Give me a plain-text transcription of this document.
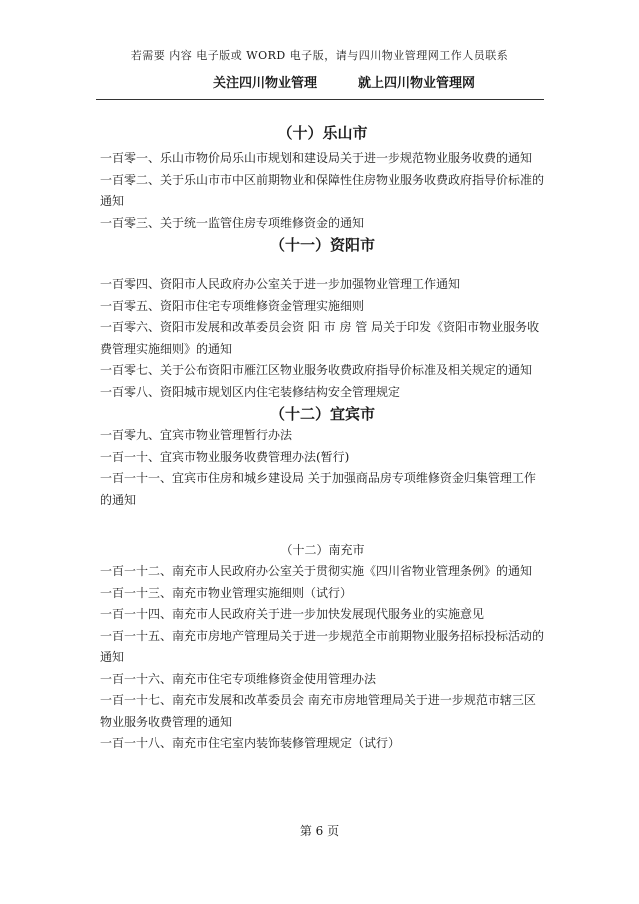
若需要 内容 电子版或 WORD 电子版，请与四川物业管理网工作人员联系
关注四川物业管理	就上四川物业管理网
（十）乐山市

一百零一、乐山市物价局乐山市规划和建设局关于进一步规范物业服务收费的通知

一百零二、关于乐山市市中区前期物业和保障性住房物业服务收费政府指导价标准的通知

一百零三、关于统一监管住房专项维修资金的通知

（十一）资阳市

一百零四、资阳市人民政府办公室关于进一步加强物业管理工作通知

一百零五、资阳市住宅专项维修资金管理实施细则

一百零六、资阳市发展和改革委员会资 阳 市 房 管 局关于印发《资阳市物业服务收费管理实施细则》的通知

一百零七、关于公布资阳市雁江区物业服务收费政府指导价标准及相关规定的通知

一百零八、资阳城市规划区内住宅装修结构安全管理规定

（十二）宜宾市

一百零九、宜宾市物业管理暂行办法

一百一十、宜宾市物业服务收费管理办法(暂行)

一百一十一、宜宾市住房和城乡建设局 关于加强商品房专项维修资金归集管理工作的通知

（十二）南充市

一百一十二、南充市人民政府办公室关于贯彻实施《四川省物业管理条例》的通知

一百一十三、南充市物业管理实施细则（试行）

一百一十四、南充市人民政府关于进一步加快发展现代服务业的实施意见

一百一十五、南充市房地产管理局关于进一步规范全市前期物业服务招标投标活动的通知

一百一十六、南充市住宅专项维修资金使用管理办法

一百一十七、南充市发展和改革委员会 南充市房地管理局关于进一步规范市辖三区物业服务收费管理的通知

一百一十八、南充市住宅室内装饰装修管理规定（试行）

第 6 页
